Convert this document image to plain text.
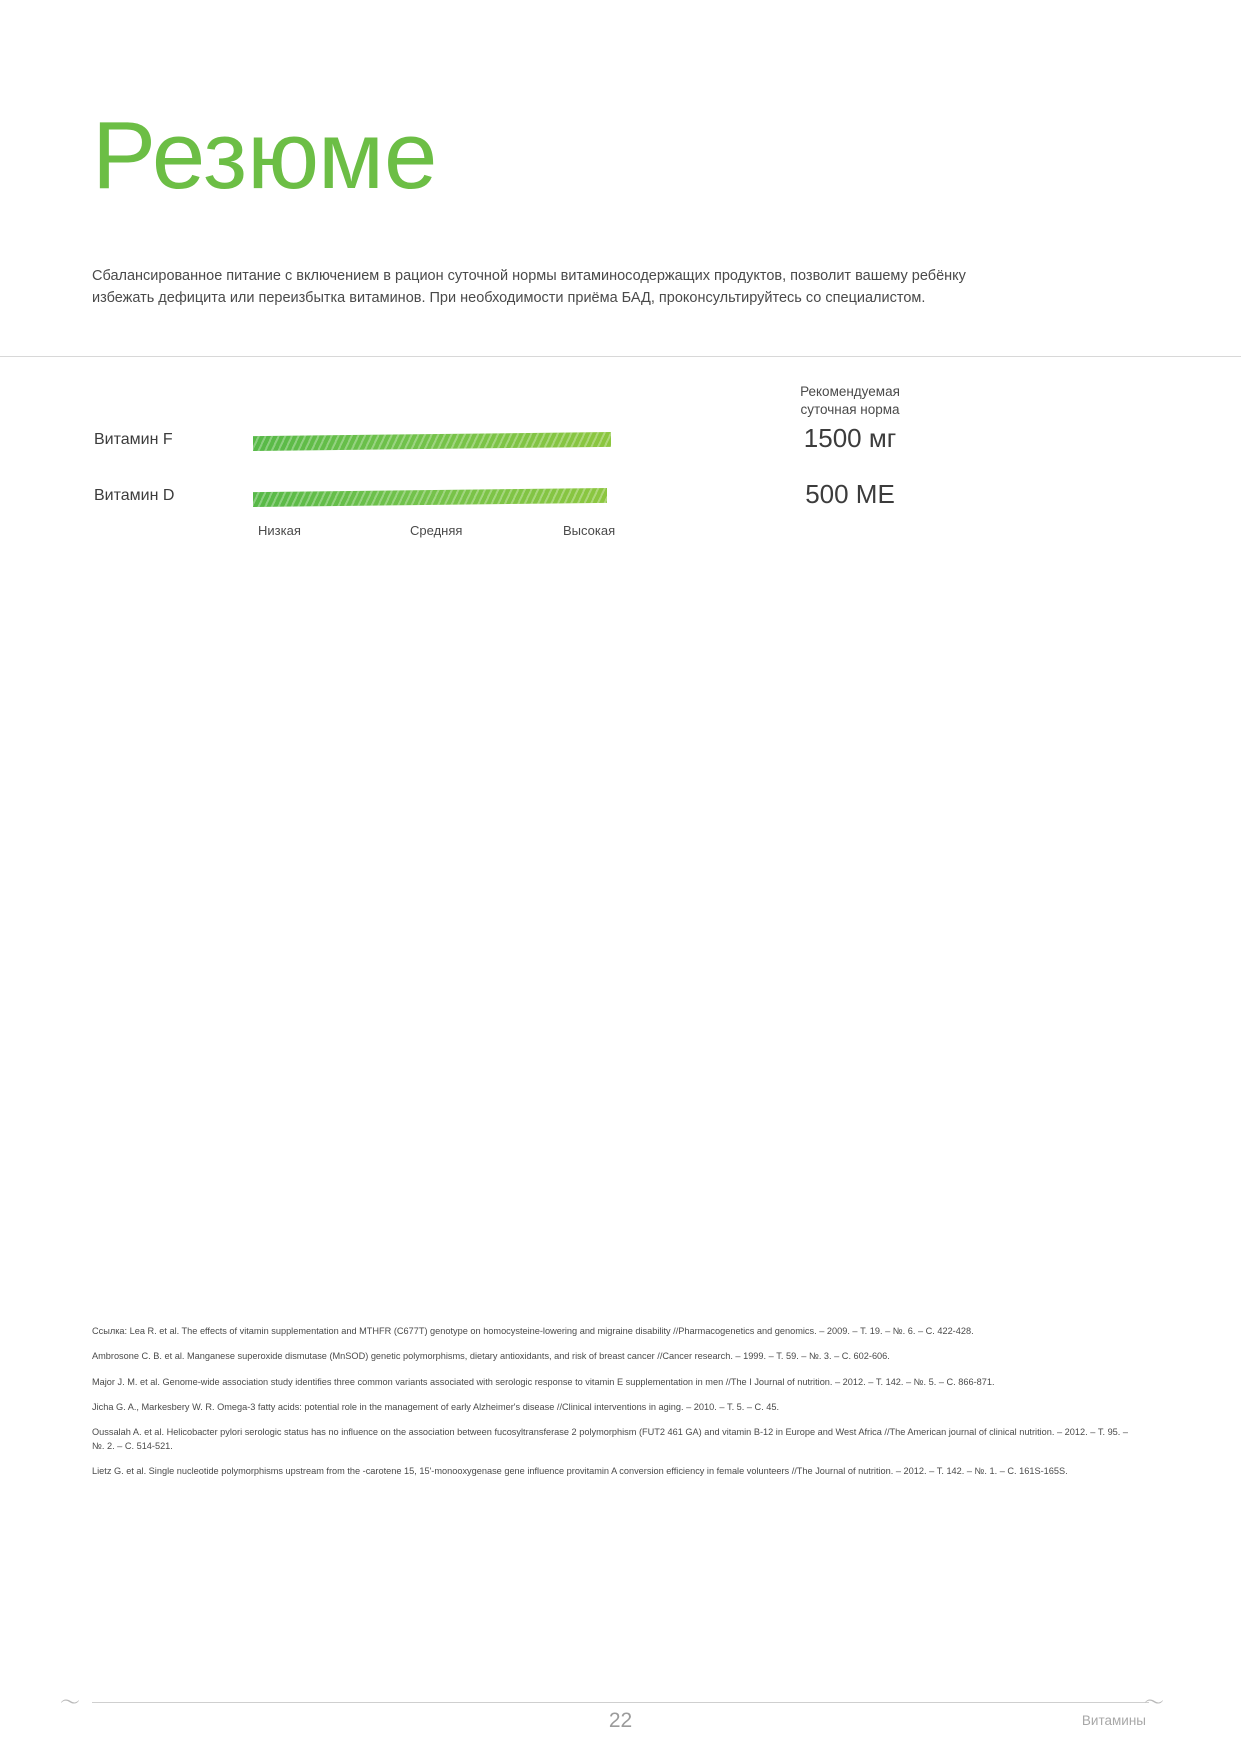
Резюме
Сбалансированное питание с включением в рацион суточной нормы витаминосодержащих продуктов, позволит вашему ребёнку избежать дефицита или переизбытка витаминов. При необходимости приёма БАД, проконсультируйтесь со специалистом.
Рекомендуемая
суточная норма
Витамин F	1500 мг
Витамин D	500 МЕ
Низкая	Средняя	Высокая
Ссылка: Lea R. et al. The effects of vitamin supplementation and MTHFR (C677T) genotype on homocysteine-lowering and migraine disability //Pharmacogenetics and genomics. – 2009. – Т. 19. – №. 6. – С. 422-428.
Ambrosone C. B. et al. Manganese superoxide dismutase (MnSOD) genetic polymorphisms, dietary antioxidants, and risk of breast cancer //Cancer research. – 1999. – Т. 59. – №. 3. – С. 602-606.
Major J. M. et al. Genome-wide association study identifies three common variants associated with serologic response to vitamin E supplementation in men //The I Journal of nutrition. – 2012. – Т. 142. – №. 5. – С. 866-871.
Jicha G. A., Markesbery W. R. Omega-3 fatty acids: potential role in the management of early Alzheimer's disease //Clinical interventions in aging. – 2010. – Т. 5. – С. 45.
Oussalah A. et al. Helicobacter pylori serologic status has no influence on the association between fucosyltransferase 2 polymorphism (FUT2 461 GA) and vitamin B-12 in Europe and West Africa //The American journal of clinical nutrition. – 2012. – Т. 95. – №. 2. – С. 514-521.
Lietz G. et al. Single nucleotide polymorphisms upstream from the -carotene 15, 15'-monooxygenase gene influence provitamin A conversion efficiency in female volunteers //The Journal of nutrition. – 2012. – Т. 142. – №. 1. – С. 161S-165S.
〜	〜
22	Витамины
